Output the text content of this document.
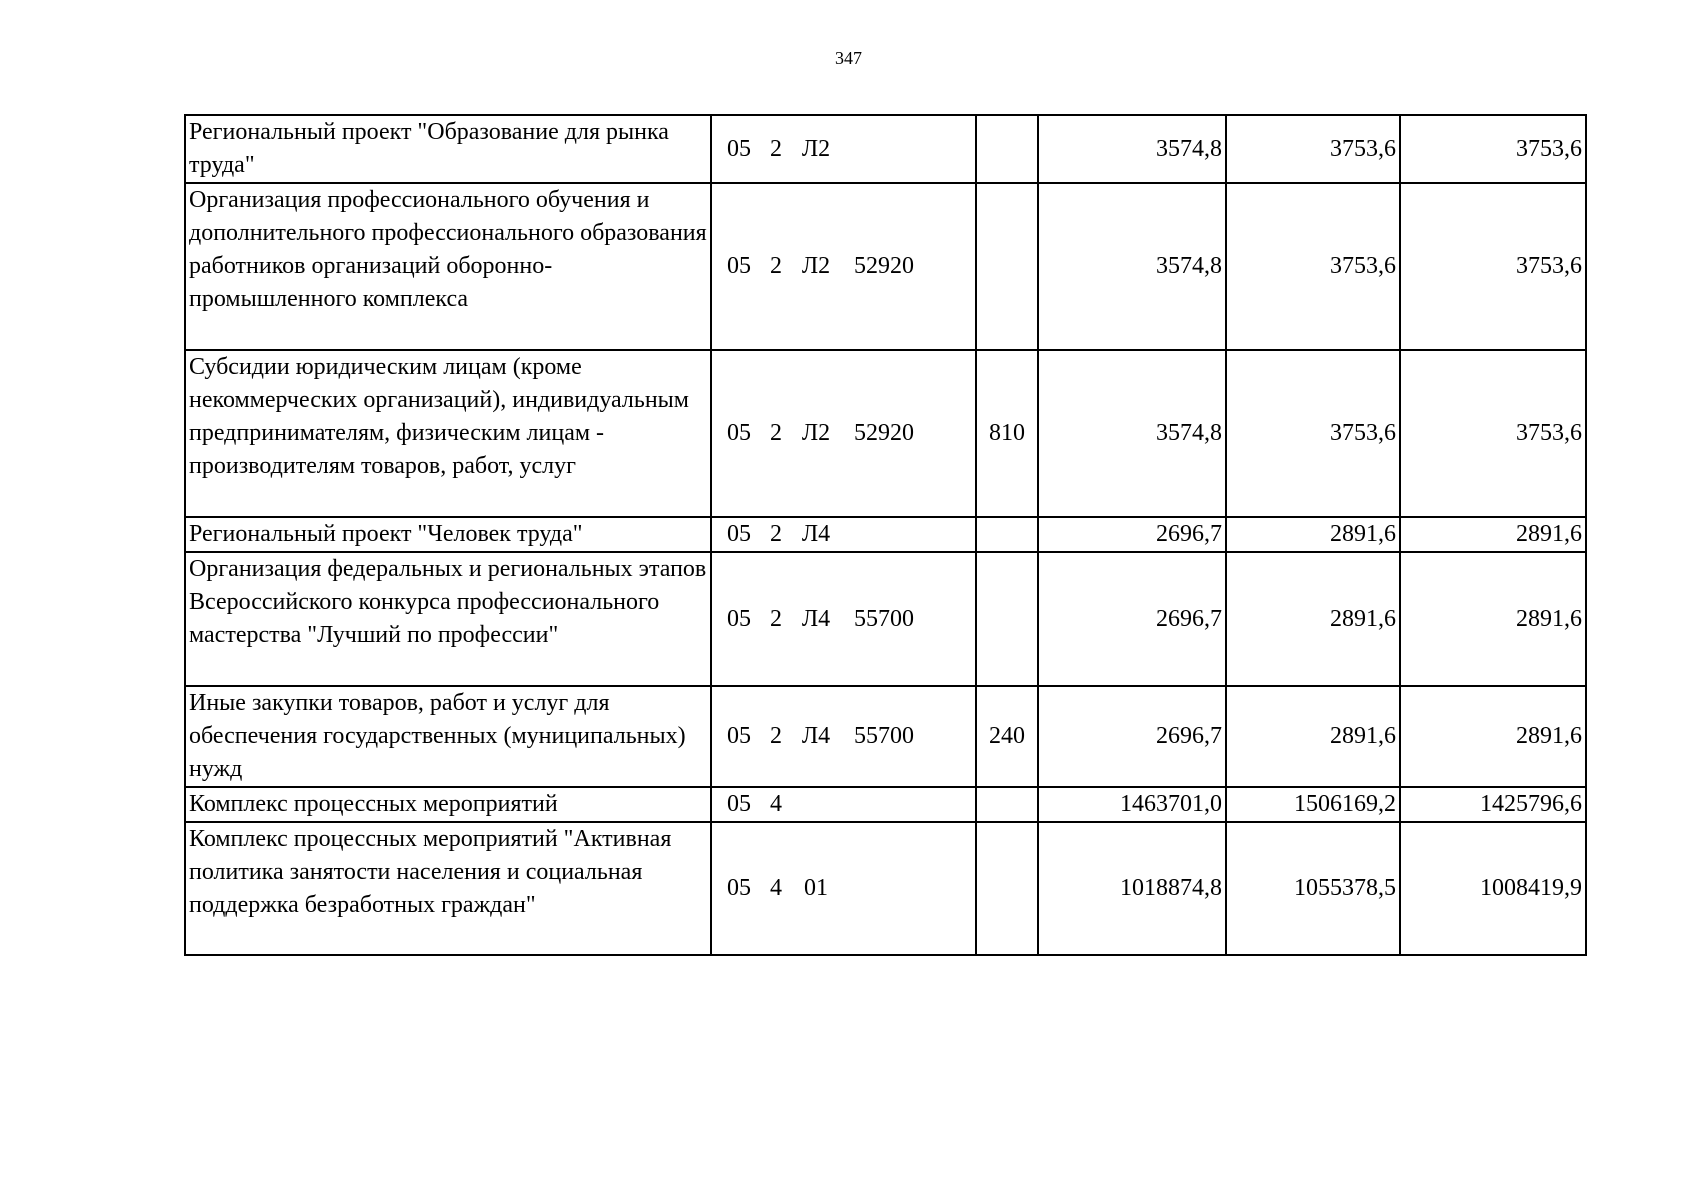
347
Региональный проект "Образование для рынка труда"	05 2 Л2		3574,8	3753,6	3753,6
Организация профессионального обучения и дополнительного профессионального образования работников организаций оборонно-промышленного комплекса	05 2 Л2 52920		3574,8	3753,6	3753,6
Субсидии юридическим лицам (кроме некоммерческих организаций), индивидуальным предпринимателям, физическим лицам - производителям товаров, работ, услуг	05 2 Л2 52920	810	3574,8	3753,6	3753,6
Региональный проект "Человек труда"	05 2 Л4		2696,7	2891,6	2891,6
Организация федеральных и региональных этапов Всероссийского конкурса профессионального мастерства "Лучший по профессии"	05 2 Л4 55700		2696,7	2891,6	2891,6
Иные закупки товаров, работ и услуг для обеспечения государственных (муниципальных) нужд	05 2 Л4 55700	240	2696,7	2891,6	2891,6
Комплекс процессных мероприятий	05 4		1463701,0	1506169,2	1425796,6
Комплекс процессных мероприятий "Активная политика занятости населения и социальная поддержка безработных граждан"	05 4 01		1018874,8	1055378,5	1008419,9
